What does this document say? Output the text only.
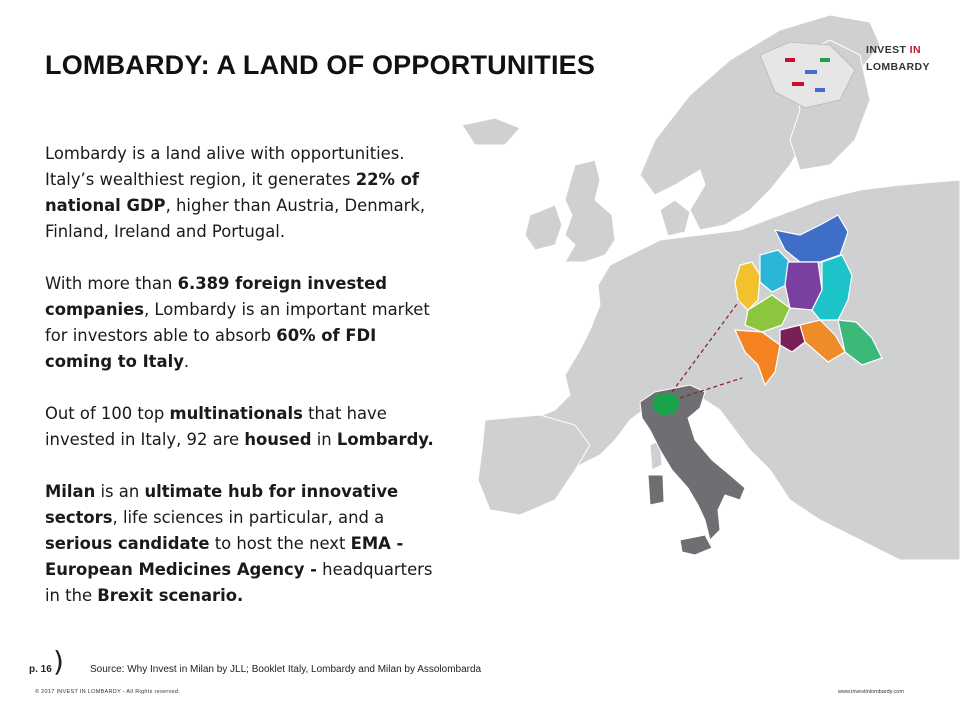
LOMBARDY: A LAND OF OPPORTUNITIES	INVEST IN
LOMBARDY

Lombardy is a land alive with opportunities. Italy’s wealthiest region, it generates 22% of national GDP, higher than Austria, Denmark, Finland, Ireland and Portugal.

With more than 6.389 foreign invested companies, Lombardy is an important market for investors able to absorb 60% of FDI coming to Italy.

Out of 100 top multinationals that have invested in Italy, 92 are housed in Lombardy.

Milan is an ultimate hub for innovative sectors, life sciences in particular, and a serious candidate to host the next EMA - European Medicines Agency - headquarters in the Brexit scenario.

)
p. 16	Source: Why Invest in Milan by JLL; Booklet Italy, Lombardy and Milan by Assolombarda
© 2017 INVEST IN LOMBARDY - All Rights reserved.	www.investinlombardy.com
